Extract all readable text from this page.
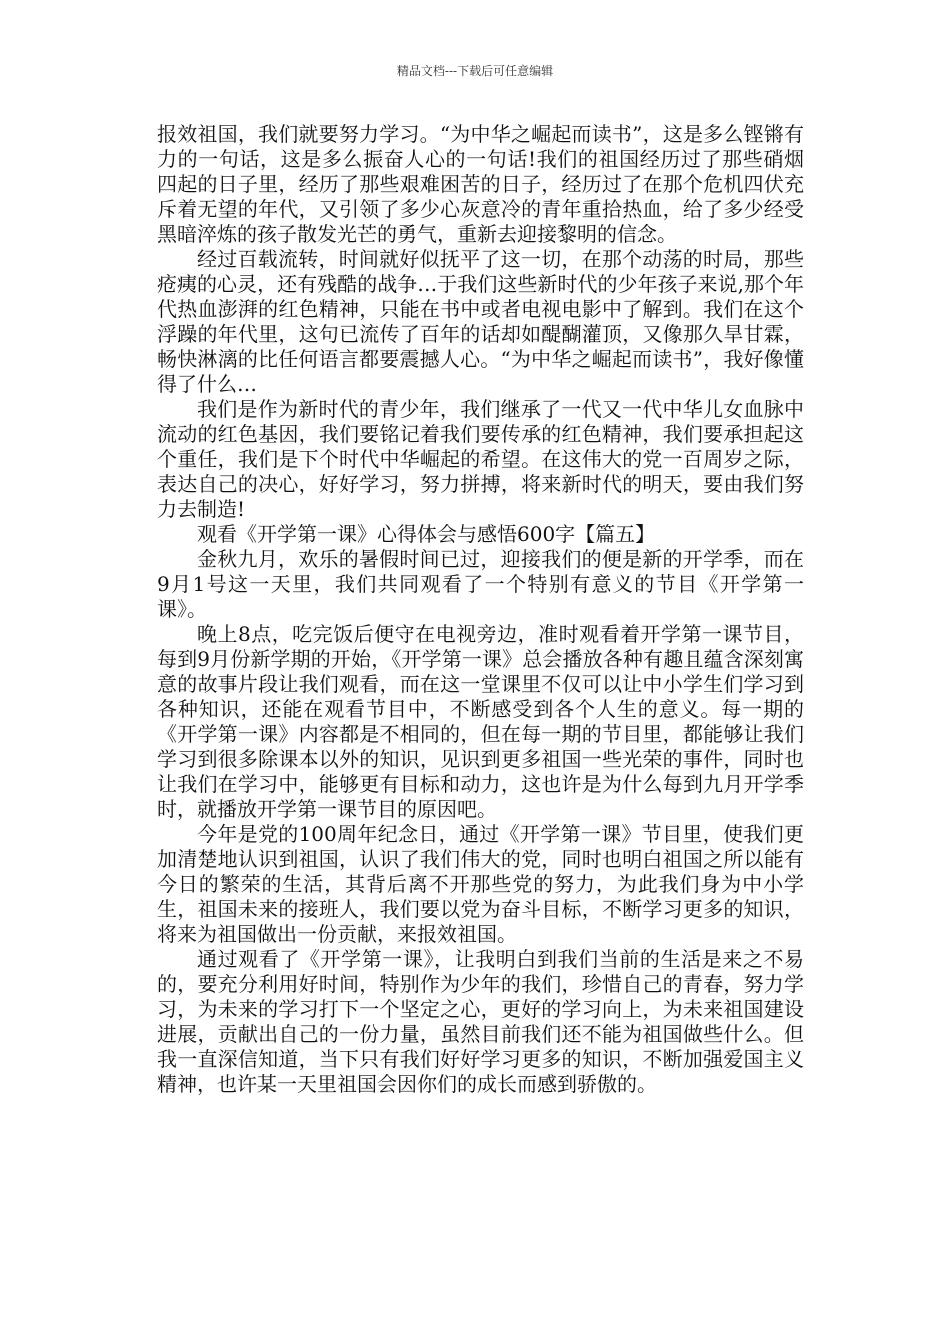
精品文档---下载后可任意编辑

报效祖国，我们就要努力学习。“为中华之崛起而读书”，这是多么铿锵有力的一句话，这是多么振奋人心的一句话!我们的祖国经历过了那些硝烟四起的日子里，经历了那些艰难困苦的日子，经历过了在那个危机四伏充斥着无望的年代，又引领了多少心灰意冷的青年重拾热血，给了多少经受黑暗淬炼的孩子散发光芒的勇气，重新去迎接黎明的信念。

经过百载流转，时间就好似抚平了这一切，在那个动荡的时局，那些疮痍的心灵，还有残酷的战争…于我们这些新时代的少年孩子来说,那个年代热血澎湃的红色精神，只能在书中或者电视电影中了解到。我们在这个浮躁的年代里，这句已流传了百年的话却如醍醐灌顶，又像那久旱甘霖，畅快淋漓的比任何语言都要震撼人心。“为中华之崛起而读书”，我好像懂得了什么…

我们是作为新时代的青少年，我们继承了一代又一代中华儿女血脉中流动的红色基因，我们要铭记着我们要传承的红色精神，我们要承担起这个重任，我们是下个时代中华崛起的希望。在这伟大的党一百周岁之际，表达自己的决心，好好学习，努力拼搏，将来新时代的明天，要由我们努力去制造!

观看《开学第一课》心得体会与感悟600字【篇五】

金秋九月，欢乐的暑假时间已过，迎接我们的便是新的开学季，而在9月1号这一天里，我们共同观看了一个特别有意义的节目《开学第一课》。

晚上8点，吃完饭后便守在电视旁边，准时观看着开学第一课节目，每到9月份新学期的开始，《开学第一课》总会播放各种有趣且蕴含深刻寓意的故事片段让我们观看，而在这一堂课里不仅可以让中小学生们学习到各种知识，还能在观看节目中，不断感受到各个人生的意义。每一期的《开学第一课》内容都是不相同的，但在每一期的节目里，都能够让我们学习到很多除课本以外的知识，见识到更多祖国一些光荣的事件，同时也让我们在学习中，能够更有目标和动力，这也许是为什么每到九月开学季时，就播放开学第一课节目的原因吧。

今年是党的100周年纪念日，通过《开学第一课》节目里，使我们更加清楚地认识到祖国，认识了我们伟大的党，同时也明白祖国之所以能有今日的繁荣的生活，其背后离不开那些党的努力，为此我们身为中小学生，祖国未来的接班人，我们要以党为奋斗目标，不断学习更多的知识，将来为祖国做出一份贡献，来报效祖国。

通过观看了《开学第一课》，让我明白到我们当前的生活是来之不易的，要充分利用好时间，特别作为少年的我们，珍惜自己的青春，努力学习，为未来的学习打下一个坚定之心，更好的学习向上，为未来祖国建设进展，贡献出自己的一份力量，虽然目前我们还不能为祖国做些什么。但我一直深信知道，当下只有我们好好学习更多的知识，不断加强爱国主义精神，也许某一天里祖国会因你们的成长而感到骄傲的。
